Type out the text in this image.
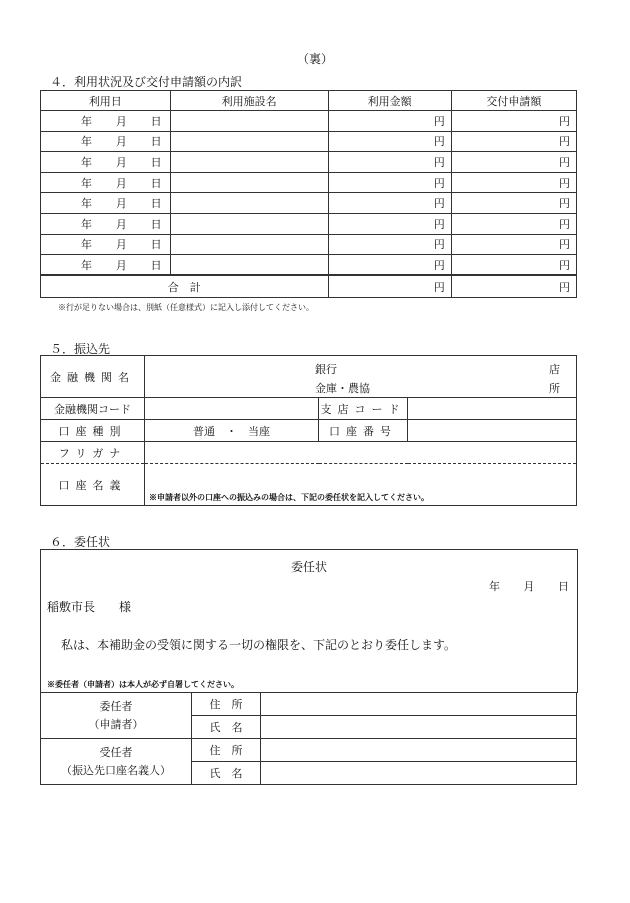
（裏）
４．利用状況及び交付申請額の内訳
利用日	利用施設名	利用金額	交付申請額

年 月 日		円	円

年 月 日		円	円

年 月 日		円	円

年 月 日		円	円

年 月 日		円	円

年 月 日		円	円

年 月 日		円	円

年 月 日		円	円
合　計		円	円
※行が足りない場合は、別紙（任意様式）に記入し添付してください。
５．振込先
金融機関名	銀行
金庫・農協
店
所		

金融機関コード		支店コード	
口座種別	普通　・　当座	口座番号	
フリガナ			
口座名義	※申請者以外の口座への振込みの場合は、下記の委任状を記入してください。		
６．委任状
委任状
年 月 日
稲敷市長　　様
私は、本補助金の受領に関する一切の権限を、下記のとおり委任します。
※委任者（申請者）は本人が必ず自署してください。
委任者
（申請者）	住　所	
	氏　名	

受任者
（振込先口座名義人）	住　所	
	氏　名	
